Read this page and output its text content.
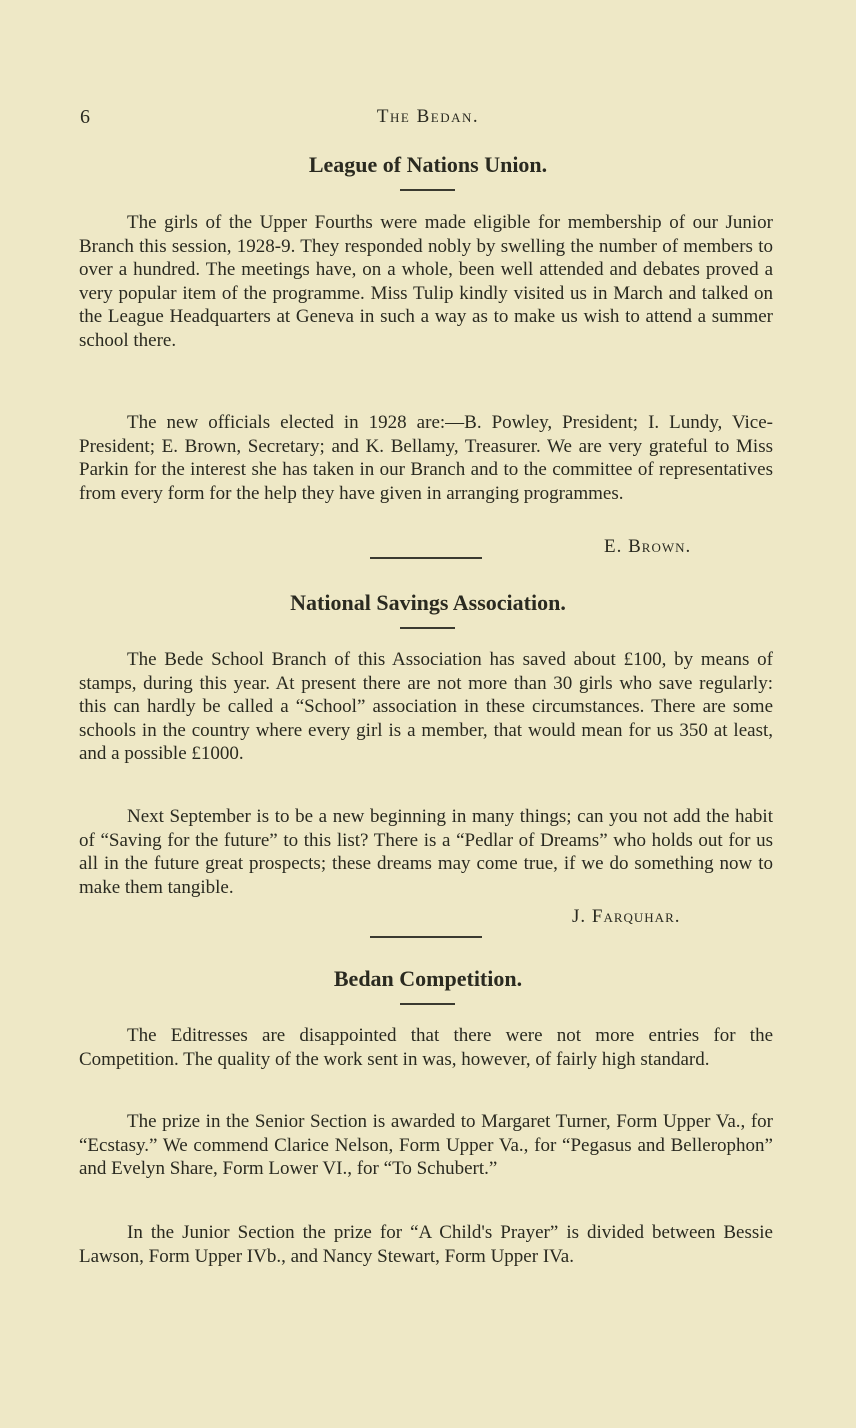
6	The Bedan.
League of Nations Union.

The girls of the Upper Fourths were made eligible for membership of our Junior Branch this session, 1928-9. They responded nobly by swelling the number of members to over a hundred. The meetings have, on a whole, been well attended and debates proved a very popular item of the programme. Miss Tulip kindly visited us in March and talked on the League Headquarters at Geneva in such a way as to make us wish to attend a summer school there.

The new officials elected in 1928 are:—B. Powley, President; I. Lundy, Vice-President; E. Brown, Secretary; and K. Bellamy, Treasurer. We are very grateful to Miss Parkin for the interest she has taken in our Branch and to the committee of representatives from every form for the help they have given in arranging programmes.

E. Brown.
National Savings Association.

The Bede School Branch of this Association has saved about £100, by means of stamps, during this year. At present there are not more than 30 girls who save regularly: this can hardly be called a “School” association in these circumstances. There are some schools in the country where every girl is a member, that would mean for us 350 at least, and a possible £1000.

Next September is to be a new beginning in many things; can you not add the habit of “Saving for the future” to this list? There is a “Pedlar of Dreams” who holds out for us all in the future great prospects; these dreams may come true, if we do something now to make them tangible.

J. Farquhar.
Bedan Competition.

The Editresses are disappointed that there were not more entries for the Competition. The quality of the work sent in was, however, of fairly high standard.

The prize in the Senior Section is awarded to Margaret Turner, Form Upper Va., for “Ecstasy.” We commend Clarice Nelson, Form Upper Va., for “Pegasus and Bellerophon” and Evelyn Share, Form Lower VI., for “To Schubert.”

In the Junior Section the prize for “A Child's Prayer” is divided between Bessie Lawson, Form Upper IVb., and Nancy Stewart, Form Upper IVa.
